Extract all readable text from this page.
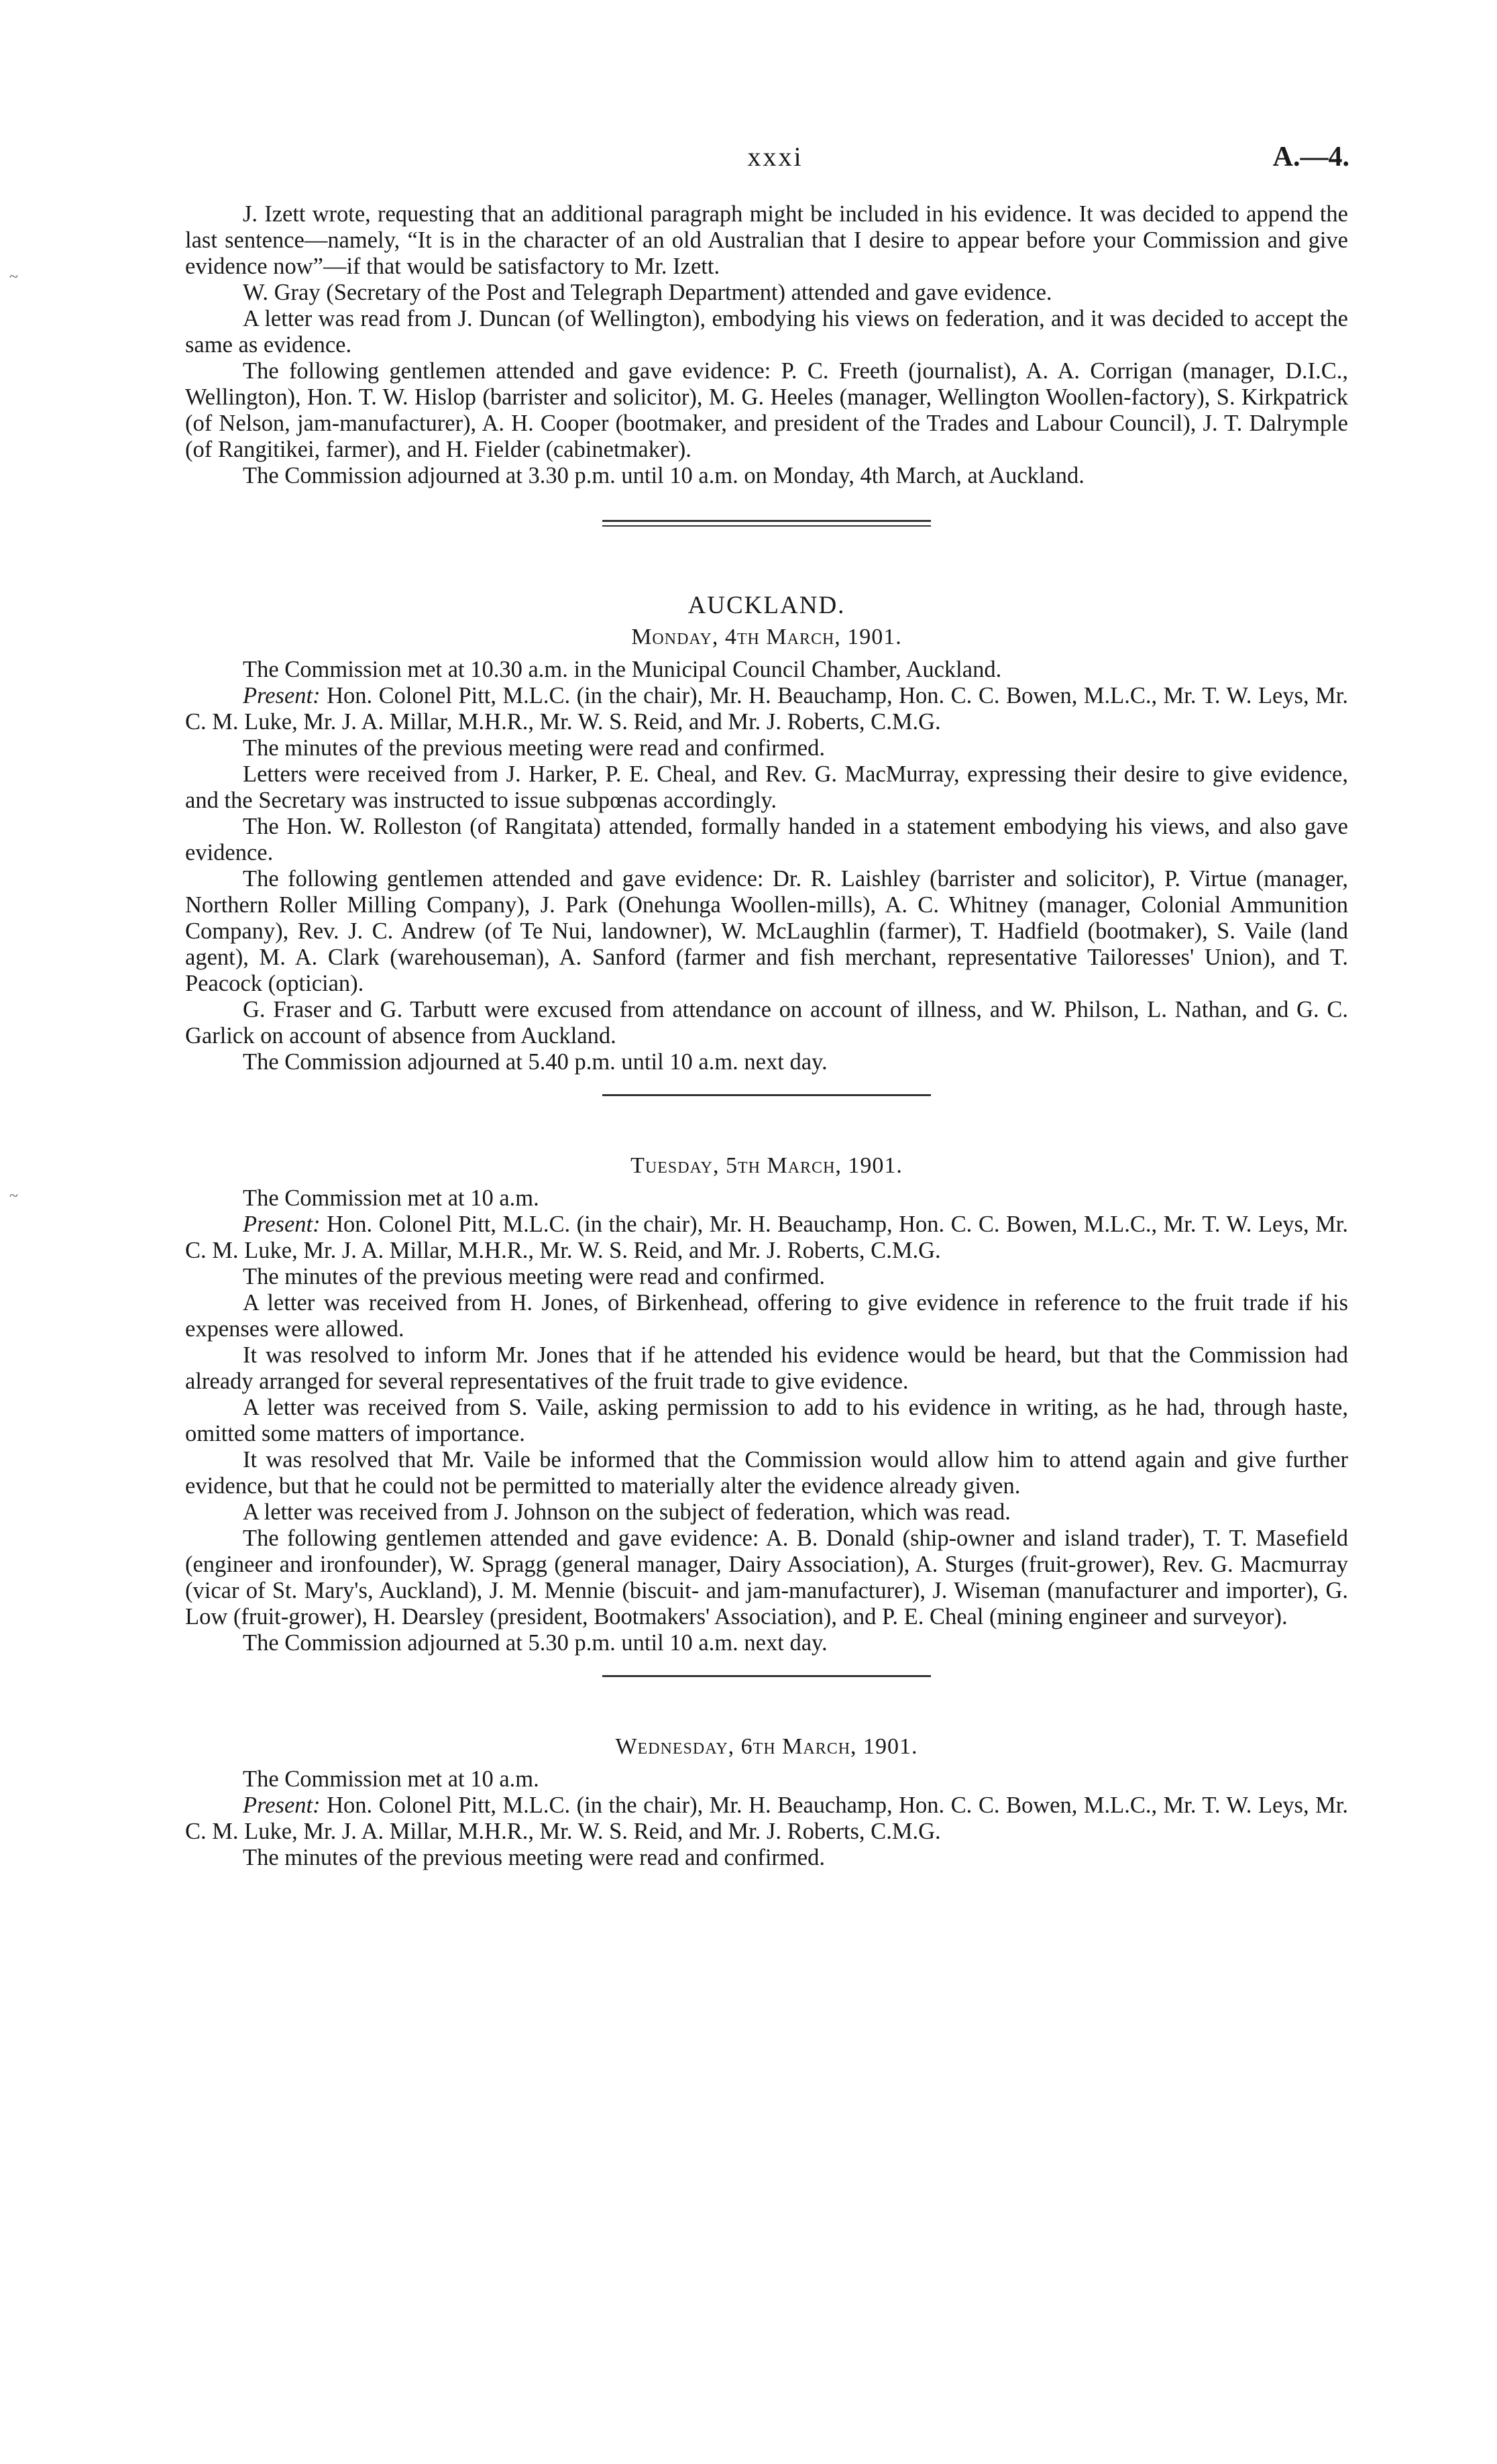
xxxi	A.—4.

J. Izett wrote, requesting that an additional paragraph might be included in his evidence. It was decided to append the last sentence—namely, “It is in the character of an old Australian that I desire to appear before your Commission and give evidence now”—if that would be satisfactory to Mr. Izett.

W. Gray (Secretary of the Post and Telegraph Department) attended and gave evidence.

A letter was read from J. Duncan (of Wellington), embodying his views on federation, and it was decided to accept the same as evidence.

The following gentlemen attended and gave evidence: P. C. Freeth (journalist), A. A. Corrigan (manager, D.I.C., Wellington), Hon. T. W. Hislop (barrister and solicitor), M. G. Heeles (manager, Wellington Woollen-factory), S. Kirkpatrick (of Nelson, jam-manufacturer), A. H. Cooper (bootmaker, and president of the Trades and Labour Council), J. T. Dalrymple (of Rangitikei, farmer), and H. Fielder (cabinetmaker).

The Commission adjourned at 3.30 p.m. until 10 a.m. on Monday, 4th March, at Auckland.

AUCKLAND.
Monday, 4th March, 1901.

The Commission met at 10.30 a.m. in the Municipal Council Chamber, Auckland.

Present: Hon. Colonel Pitt, M.L.C. (in the chair), Mr. H. Beauchamp, Hon. C. C. Bowen, M.L.C., Mr. T. W. Leys, Mr. C. M. Luke, Mr. J. A. Millar, M.H.R., Mr. W. S. Reid, and Mr. J. Roberts, C.M.G.

The minutes of the previous meeting were read and confirmed.

Letters were received from J. Harker, P. E. Cheal, and Rev. G. MacMurray, expressing their desire to give evidence, and the Secretary was instructed to issue subpœnas accordingly.

The Hon. W. Rolleston (of Rangitata) attended, formally handed in a statement embodying his views, and also gave evidence.

The following gentlemen attended and gave evidence: Dr. R. Laishley (barrister and solicitor), P. Virtue (manager, Northern Roller Milling Company), J. Park (Onehunga Woollen-mills), A. C. Whitney (manager, Colonial Ammunition Company), Rev. J. C. Andrew (of Te Nui, landowner), W. McLaughlin (farmer), T. Hadfield (bootmaker), S. Vaile (land agent), M. A. Clark (warehouseman), A. Sanford (farmer and fish merchant, representative Tailoresses' Union), and T. Peacock (optician).

G. Fraser and G. Tarbutt were excused from attendance on account of illness, and W. Philson, L. Nathan, and G. C. Garlick on account of absence from Auckland.

The Commission adjourned at 5.40 p.m. until 10 a.m. next day.

Tuesday, 5th March, 1901.

The Commission met at 10 a.m.

Present: Hon. Colonel Pitt, M.L.C. (in the chair), Mr. H. Beauchamp, Hon. C. C. Bowen, M.L.C., Mr. T. W. Leys, Mr. C. M. Luke, Mr. J. A. Millar, M.H.R., Mr. W. S. Reid, and Mr. J. Roberts, C.M.G.

The minutes of the previous meeting were read and confirmed.

A letter was received from H. Jones, of Birkenhead, offering to give evidence in reference to the fruit trade if his expenses were allowed.

It was resolved to inform Mr. Jones that if he attended his evidence would be heard, but that the Commission had already arranged for several representatives of the fruit trade to give evidence.

A letter was received from S. Vaile, asking permission to add to his evidence in writing, as he had, through haste, omitted some matters of importance.

It was resolved that Mr. Vaile be informed that the Commission would allow him to attend again and give further evidence, but that he could not be permitted to materially alter the evidence already given.

A letter was received from J. Johnson on the subject of federation, which was read.

The following gentlemen attended and gave evidence: A. B. Donald (ship-owner and island trader), T. T. Masefield (engineer and ironfounder), W. Spragg (general manager, Dairy Association), A. Sturges (fruit-grower), Rev. G. Macmurray (vicar of St. Mary's, Auckland), J. M. Mennie (biscuit- and jam-manufacturer), J. Wiseman (manufacturer and importer), G. Low (fruit-grower), H. Dearsley (president, Bootmakers' Association), and P. E. Cheal (mining engineer and surveyor).

The Commission adjourned at 5.30 p.m. until 10 a.m. next day.

Wednesday, 6th March, 1901.

The Commission met at 10 a.m.

Present: Hon. Colonel Pitt, M.L.C. (in the chair), Mr. H. Beauchamp, Hon. C. C. Bowen, M.L.C., Mr. T. W. Leys, Mr. C. M. Luke, Mr. J. A. Millar, M.H.R., Mr. W. S. Reid, and Mr. J. Roberts, C.M.G.

The minutes of the previous meeting were read and confirmed.

~
~
